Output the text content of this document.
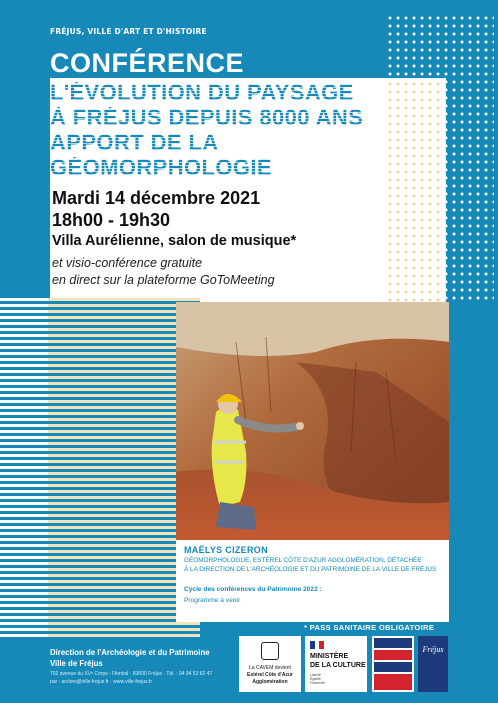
FRÉJUS, VILLE D'ART ET D'HISTOIRE
CONFÉRENCE
L'ÉVOLUTION DU PAYSAGE
À FRÉJUS DEPUIS 8000 ANS
APPORT DE LA
GÉOMORPHOLOGIE
Mardi 14 décembre 2021
18h00 - 19h30
Villa Aurélienne, salon de musique*
et visio-conférence gratuite
en direct sur la plateforme GoToMeeting
MAËLYS CIZERON
GÉOMORPHOLOGUE, ESTÉREL CÔTE D'AZUR AGGLOMÉRATION, DÉTACHÉE
À LA DIRECTION DE L'ARCHÉOLOGIE ET DU PATRIMOINE DE LA VILLE DE FRÉJUS
Cycle des conférences du Patrimoine 2022 :
Programme à venir
* PASS SANITAIRE OBLIGATOIRE
Direction de l'Archéologie et du Patrimoine
Ville de Fréjus
702 avenue du XVᵉ Corps - l'Amiral · 83600 Fréjus · Tél. : 04 94 53 82 47
par : archeo@ville-frejus.fr · www.ville-frejus.fr
La CAVEM devient
Estérel Côte d'Azur
Agglomération
MINISTÈRE
DE LA CULTURE
Liberté Égalité Fraternité
Fréjus
